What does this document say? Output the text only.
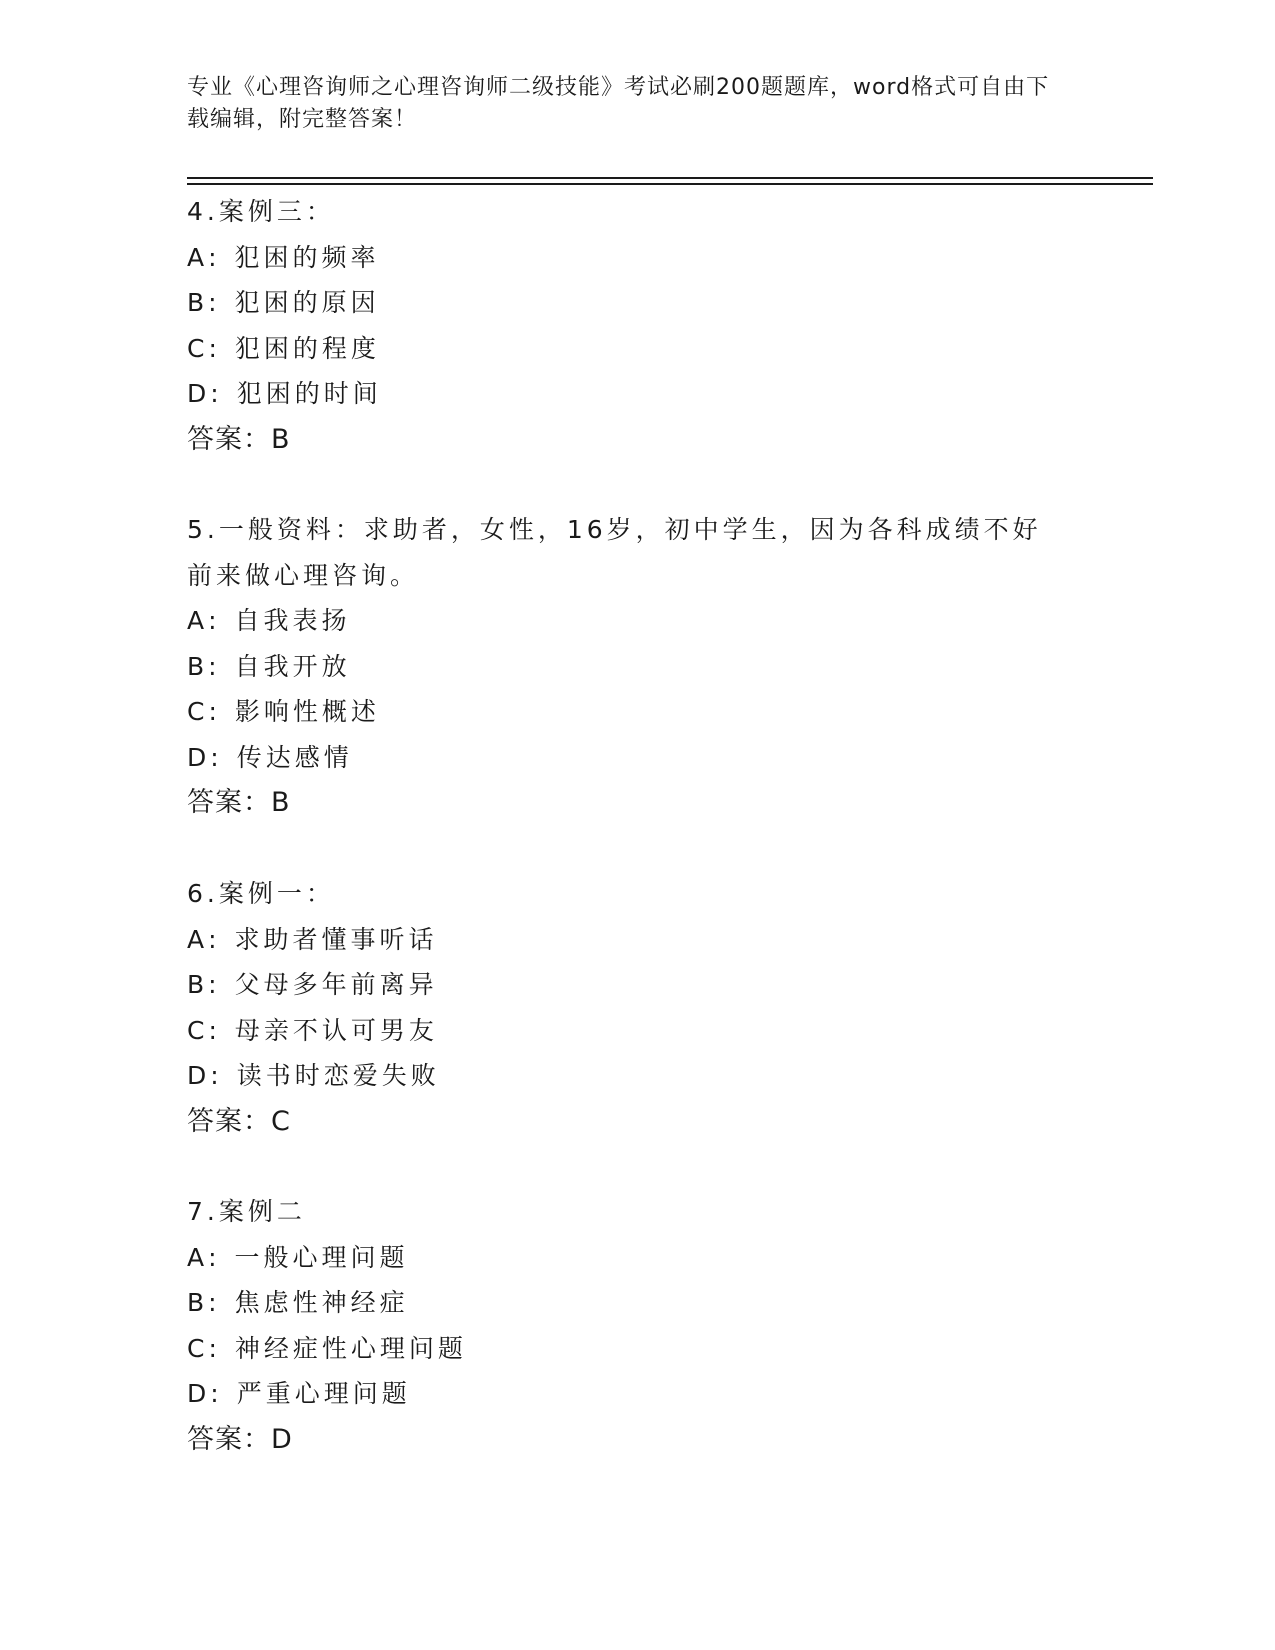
专业《心理咨询师之心理咨询师二级技能》考试必刷200题题库，word格式可自由下载编辑，附完整答案！
4.案例三：
A: 犯困的频率
B: 犯困的原因
C: 犯困的程度
D: 犯困的时间
答案：B
5.一般资料：求助者，女性，16岁，初中学生，因为各科成绩不好前来做心理咨询。
A: 自我表扬
B: 自我开放
C: 影响性概述
D: 传达感情
答案：B
6.案例一：
A: 求助者懂事听话
B: 父母多年前离异
C: 母亲不认可男友
D: 读书时恋爱失败
答案：C
7.案例二
A: 一般心理问题
B: 焦虑性神经症
C: 神经症性心理问题
D: 严重心理问题
答案：D
